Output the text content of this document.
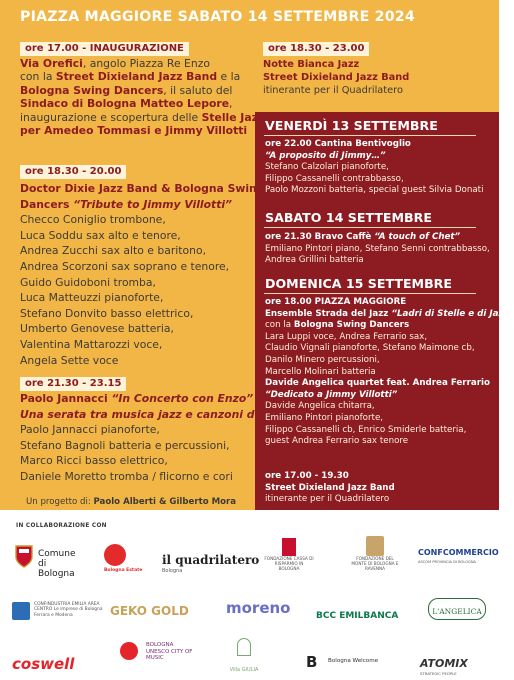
PIAZZA MAGGIORE SABATO 14 SETTEMBRE 2024
ore 17.00 - INAUGURAZIONE
Via Orefici, angolo Piazza Re Enzo
con la Street Dixieland Jazz Band e la
Bologna Swing Dancers, il saluto del
Sindaco di Bologna Matteo Lepore,
inaugurazione e scopertura delle Stelle Jazz
per Amedeo Tommasi e Jimmy Villotti
ore 18.30 - 20.00
Doctor Dixie Jazz Band & Bologna Swing
Dancers “Tribute to Jimmy Villotti”
Checco Coniglio trombone,
Luca Soddu sax alto e tenore,
Andrea Zucchi sax alto e baritono,
Andrea Scorzoni sax soprano e tenore,
Guido Guidoboni tromba,
Luca Matteuzzi pianoforte,
Stefano Donvito basso elettrico,
Umberto Genovese batteria,
Valentina Mattarozzi voce,
Angela Sette voce
ore 21.30 - 23.15
Paolo Jannacci “In Concerto con Enzo”
Una serata tra musica jazz e canzoni d’autore
Paolo Jannacci pianoforte,
Stefano Bagnoli batteria e percussioni,
Marco Ricci basso elettrico,
Daniele Moretto tromba / flicorno e cori
Un progetto di: Paolo Alberti & Gilberto Mora
ore 18.30 - 23.00
Notte Bianca Jazz
Street Dixieland Jazz Band
itinerante per il Quadrilatero
VENERDÌ 13 SETTEMBRE
ore 22.00 Cantina Bentivoglio
“A proposito di Jimmy…”
Stefano Calzolari pianoforte,
Filippo Cassanelli contrabbasso,
Paolo Mozzoni batteria, special guest Silvia Donati
SABATO 14 SETTEMBRE
ore 21.30 Bravo Caffè “A touch of Chet”
Emiliano Pintori piano, Stefano Senni contrabbasso,
Andrea Grillini batteria
DOMENICA 15 SETTEMBRE
ore 18.00 PIAZZA MAGGIORE
Ensemble Strada del Jazz “Ladri di Stelle e di Jazz”
con la Bologna Swing Dancers
Lara Luppi voce, Andrea Ferrario sax,
Claudio Vignali pianoforte, Stefano Maimone cb,
Danilo Minero percussioni,
Marcello Molinari batteria
Davide Angelica quartet feat. Andrea Ferrario
“Dedicato a Jimmy Villotti”
Davide Angelica chitarra,
Emiliano Pintori pianoforte,
Filippo Cassanelli cb, Enrico Smiderle batteria,
guest Andrea Ferrario sax tenore
ore 17.00 - 19.30
Street Dixieland Jazz Band
itinerante per il Quadrilatero
IN COLLABORAZIONE CON
Comune di Bologna	Bologna Estate
il quadrilatero
Bologna
FONDAZIONE CASSA DI RISPARMIO IN BOLOGNA
FONDAZIONE DEL MONTE DI BOLOGNA E RAVENNA
CONFCOMMERCIO
ASCOM PROVINCIA DI BOLOGNA
CONFINDUSTRIA EMILIA AREA CENTRO Le imprese di Bologna Ferrara e Modena	GEKO GOLD moreno	BCC EMILBANCA	L'ANGELICA
coswell
BOLOGNA UNESCO CITY OF MUSIC
Villa GIULIA	B Bologna Welcome	ATOMIX
STRATEGIC PEOPLE
